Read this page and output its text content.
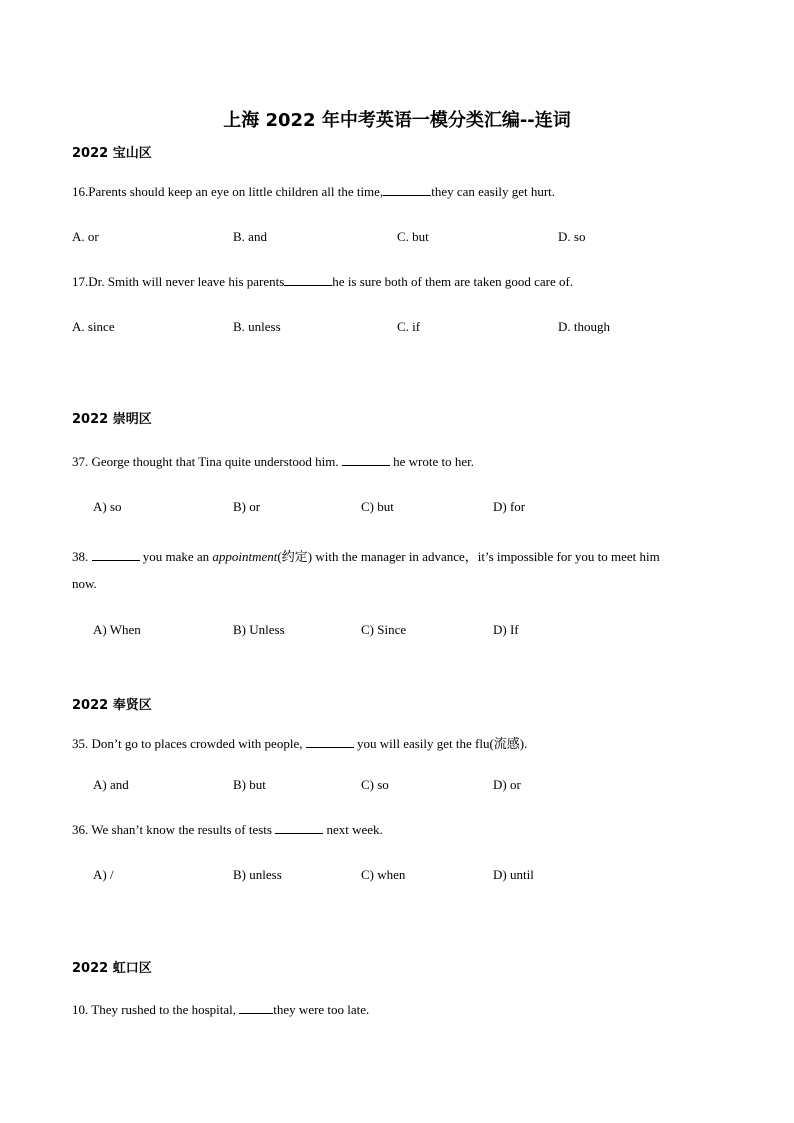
上海 2022 年中考英语一模分类汇编--连词
2022 宝山区
16.Parents should keep an eye on little children all the time,	they can easily get hurt.
A. or	B. and	C. but	D. so
17.Dr. Smith will never leave his parents	he is sure both of them are taken good care of.
A. since	B. unless	C. if	D. though
2022 崇明区
37. George thought that Tina quite understood him.	he wrote to her.
A) so	B) or	C) but	D) for
38.	you make an appointment(约定) with the manager in advance，it’s impossible for you to meet him
now.
A) When	B) Unless	C) Since	D) If
2022 奉贤区
35. Don’t go to places crowded with people,	you will easily get the flu(流感).
A) and	B) but	C) so	D) or
36. We shan’t know the results of tests	next week.
A) /	B) unless	C) when	D) until
2022 虹口区
10. They rushed to the hospital,	they were too late.
